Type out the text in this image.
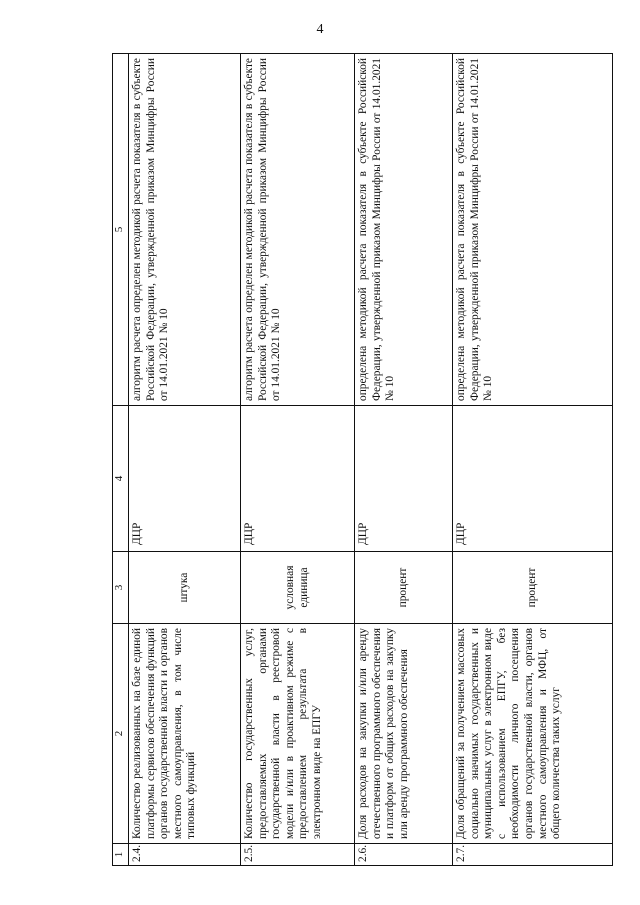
4
1	2	3	4	5
2.4.	Количество реализованных на базе единой платформы сервисов обеспечения функций органов государственной власти и органов местного самоуправления, в том числе типовых функций	штука	ДЦР	алгоритм расчета определен методикой расчета показателя в субъекте Российской Федерации, утвержденной приказом Минцифры России от 14.01.2021 № 10
2.5.	Количество государственных услуг, предоставляемых органами государственной власти в реестровой модели и/или в проактивном режиме с предоставлением результата в электронном виде на ЕПГУ	условная единица	ДЦР	алгоритм расчета определен методикой расчета показателя в субъекте Российской Федерации, утвержденной приказом Минцифры России от 14.01.2021 № 10
2.6.	Доля расходов на закупки и/или аренду отечественного программного обеспечения и платформ от общих расходов на закупку или аренду программного обеспечения	процент	ДЦР	определена методикой расчета показателя в субъекте Российской Федерации, утвержденной приказом Минцифры России от 14.01.2021 № 10
2.7.	Доля обращений за получением массовых социально значимых государственных и муниципальных услуг в электронном виде с использованием ЕПГУ, без необходимости личного посещения органов государственной власти, органов местного самоуправления и МФЦ, от общего количества таких услуг	процент	ДЦР	определена методикой расчета показателя в субъекте Российской Федерации, утвержденной приказом Минцифры России от 14.01.2021 № 10
